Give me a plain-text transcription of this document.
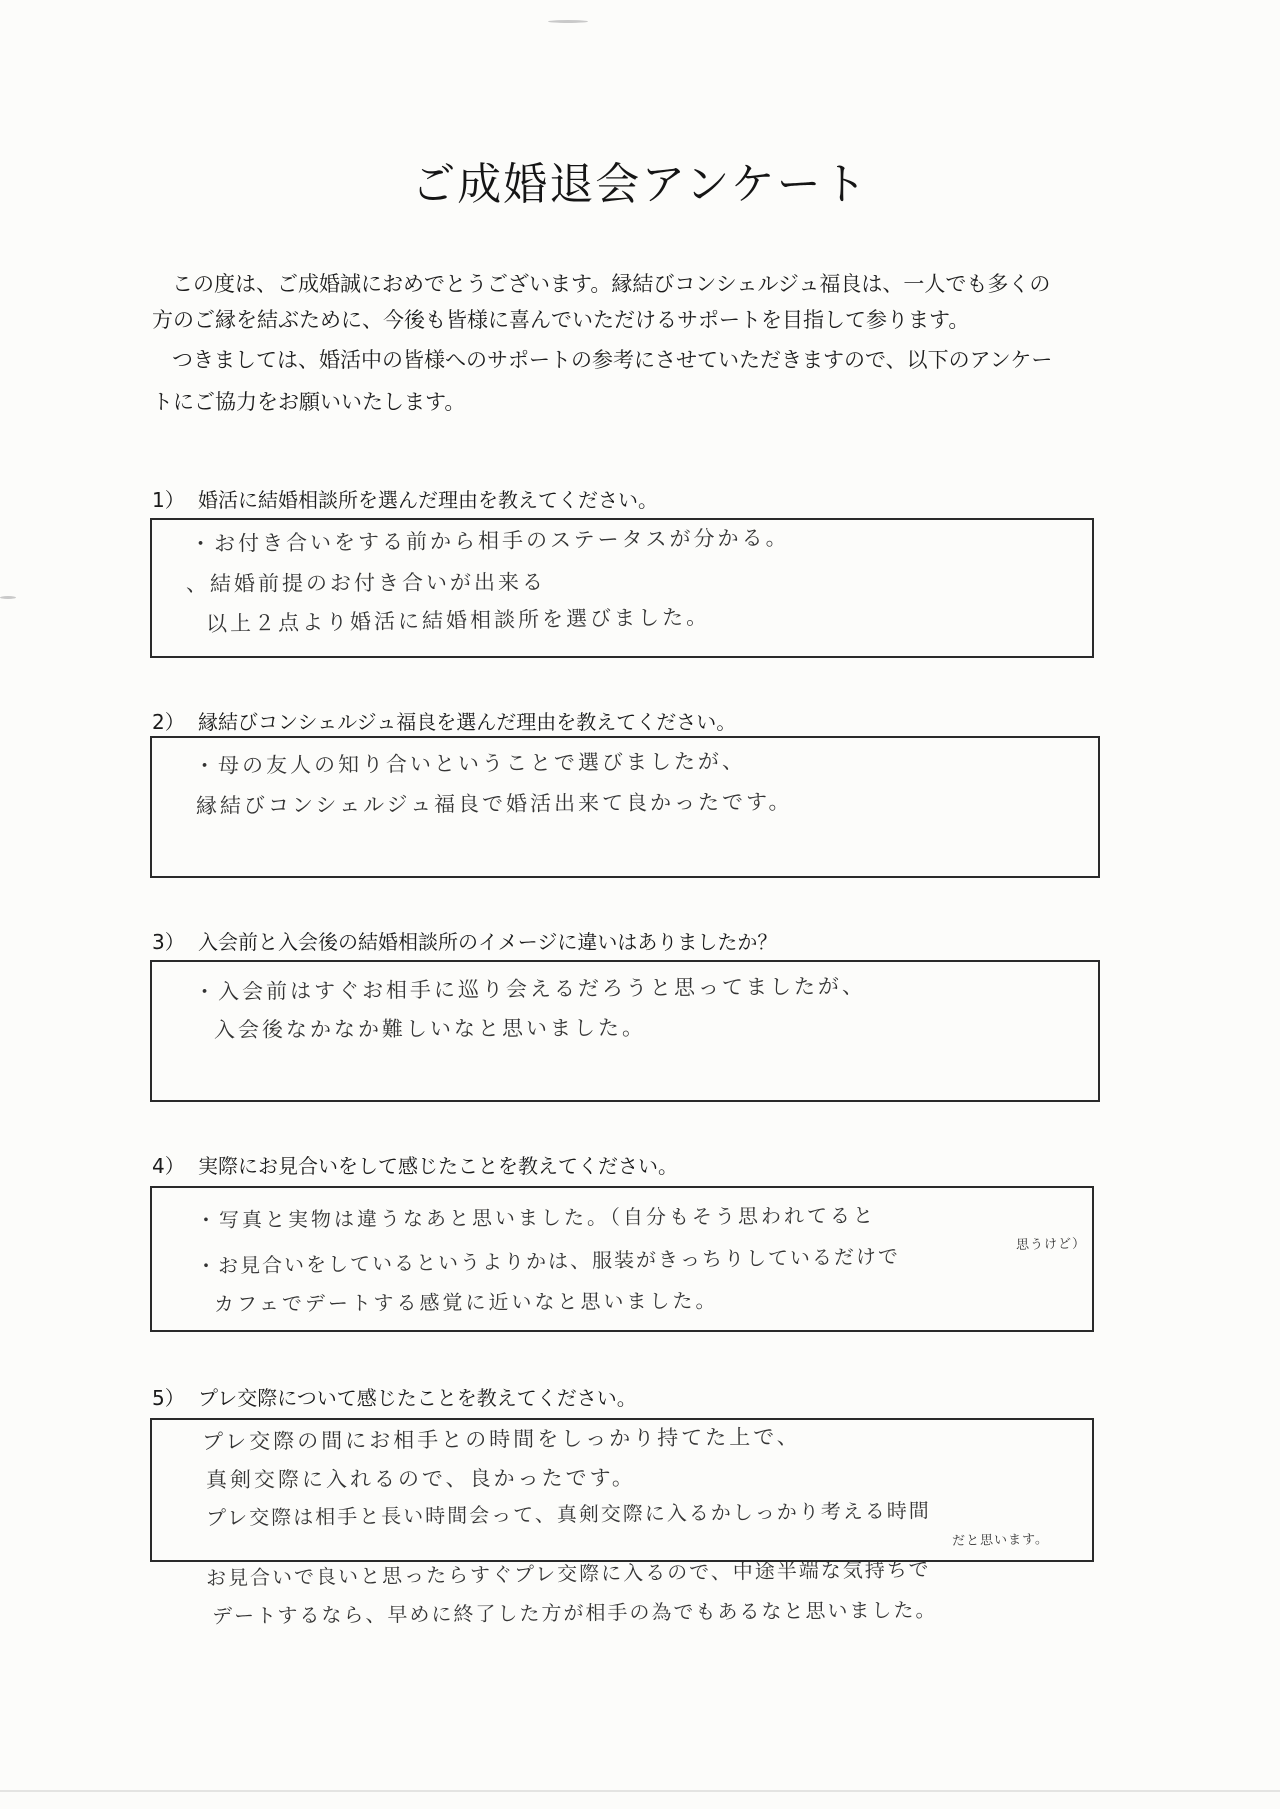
ご成婚退会アンケート
この度は、ご成婚誠におめでとうございます。縁結びコンシェルジュ福良は、一人でも多くの
方のご縁を結ぶために、今後も皆様に喜んでいただけるサポートを目指して参ります。
つきましては、婚活中の皆様へのサポートの参考にさせていただきますので、以下のアンケー
トにご協力をお願いいたします。
1） 婚活に結婚相談所を選んだ理由を教えてください。
・お付き合いをする前から相手のステータスが分かる。
、結婚前提のお付き合いが出来る
以上２点より婚活に結婚相談所を選びました。
2） 縁結びコンシェルジュ福良を選んだ理由を教えてください。
・母の友人の知り合いということで選びましたが、
縁結びコンシェルジュ福良で婚活出来て良かったです。
3） 入会前と入会後の結婚相談所のイメージに違いはありましたか？
・入会前はすぐお相手に巡り会えるだろうと思ってましたが、
入会後なかなか難しいなと思いました。
4） 実際にお見合いをして感じたことを教えてください。
・写真と実物は違うなあと思いました。（自分もそう思われてると
思うけど）
・お見合いをしているというよりかは、服装がきっちりしているだけで
カフェでデートする感覚に近いなと思いました。
5） プレ交際について感じたことを教えてください。
プレ交際の間にお相手との時間をしっかり持てた上で、
真剣交際に入れるので、良かったです。
プレ交際は相手と長い時間会って、真剣交際に入るかしっかり考える時間
だと思います。
お見合いで良いと思ったらすぐプレ交際に入るので、中途半端な気持ちで
デートするなら、早めに終了した方が相手の為でもあるなと思いました。
